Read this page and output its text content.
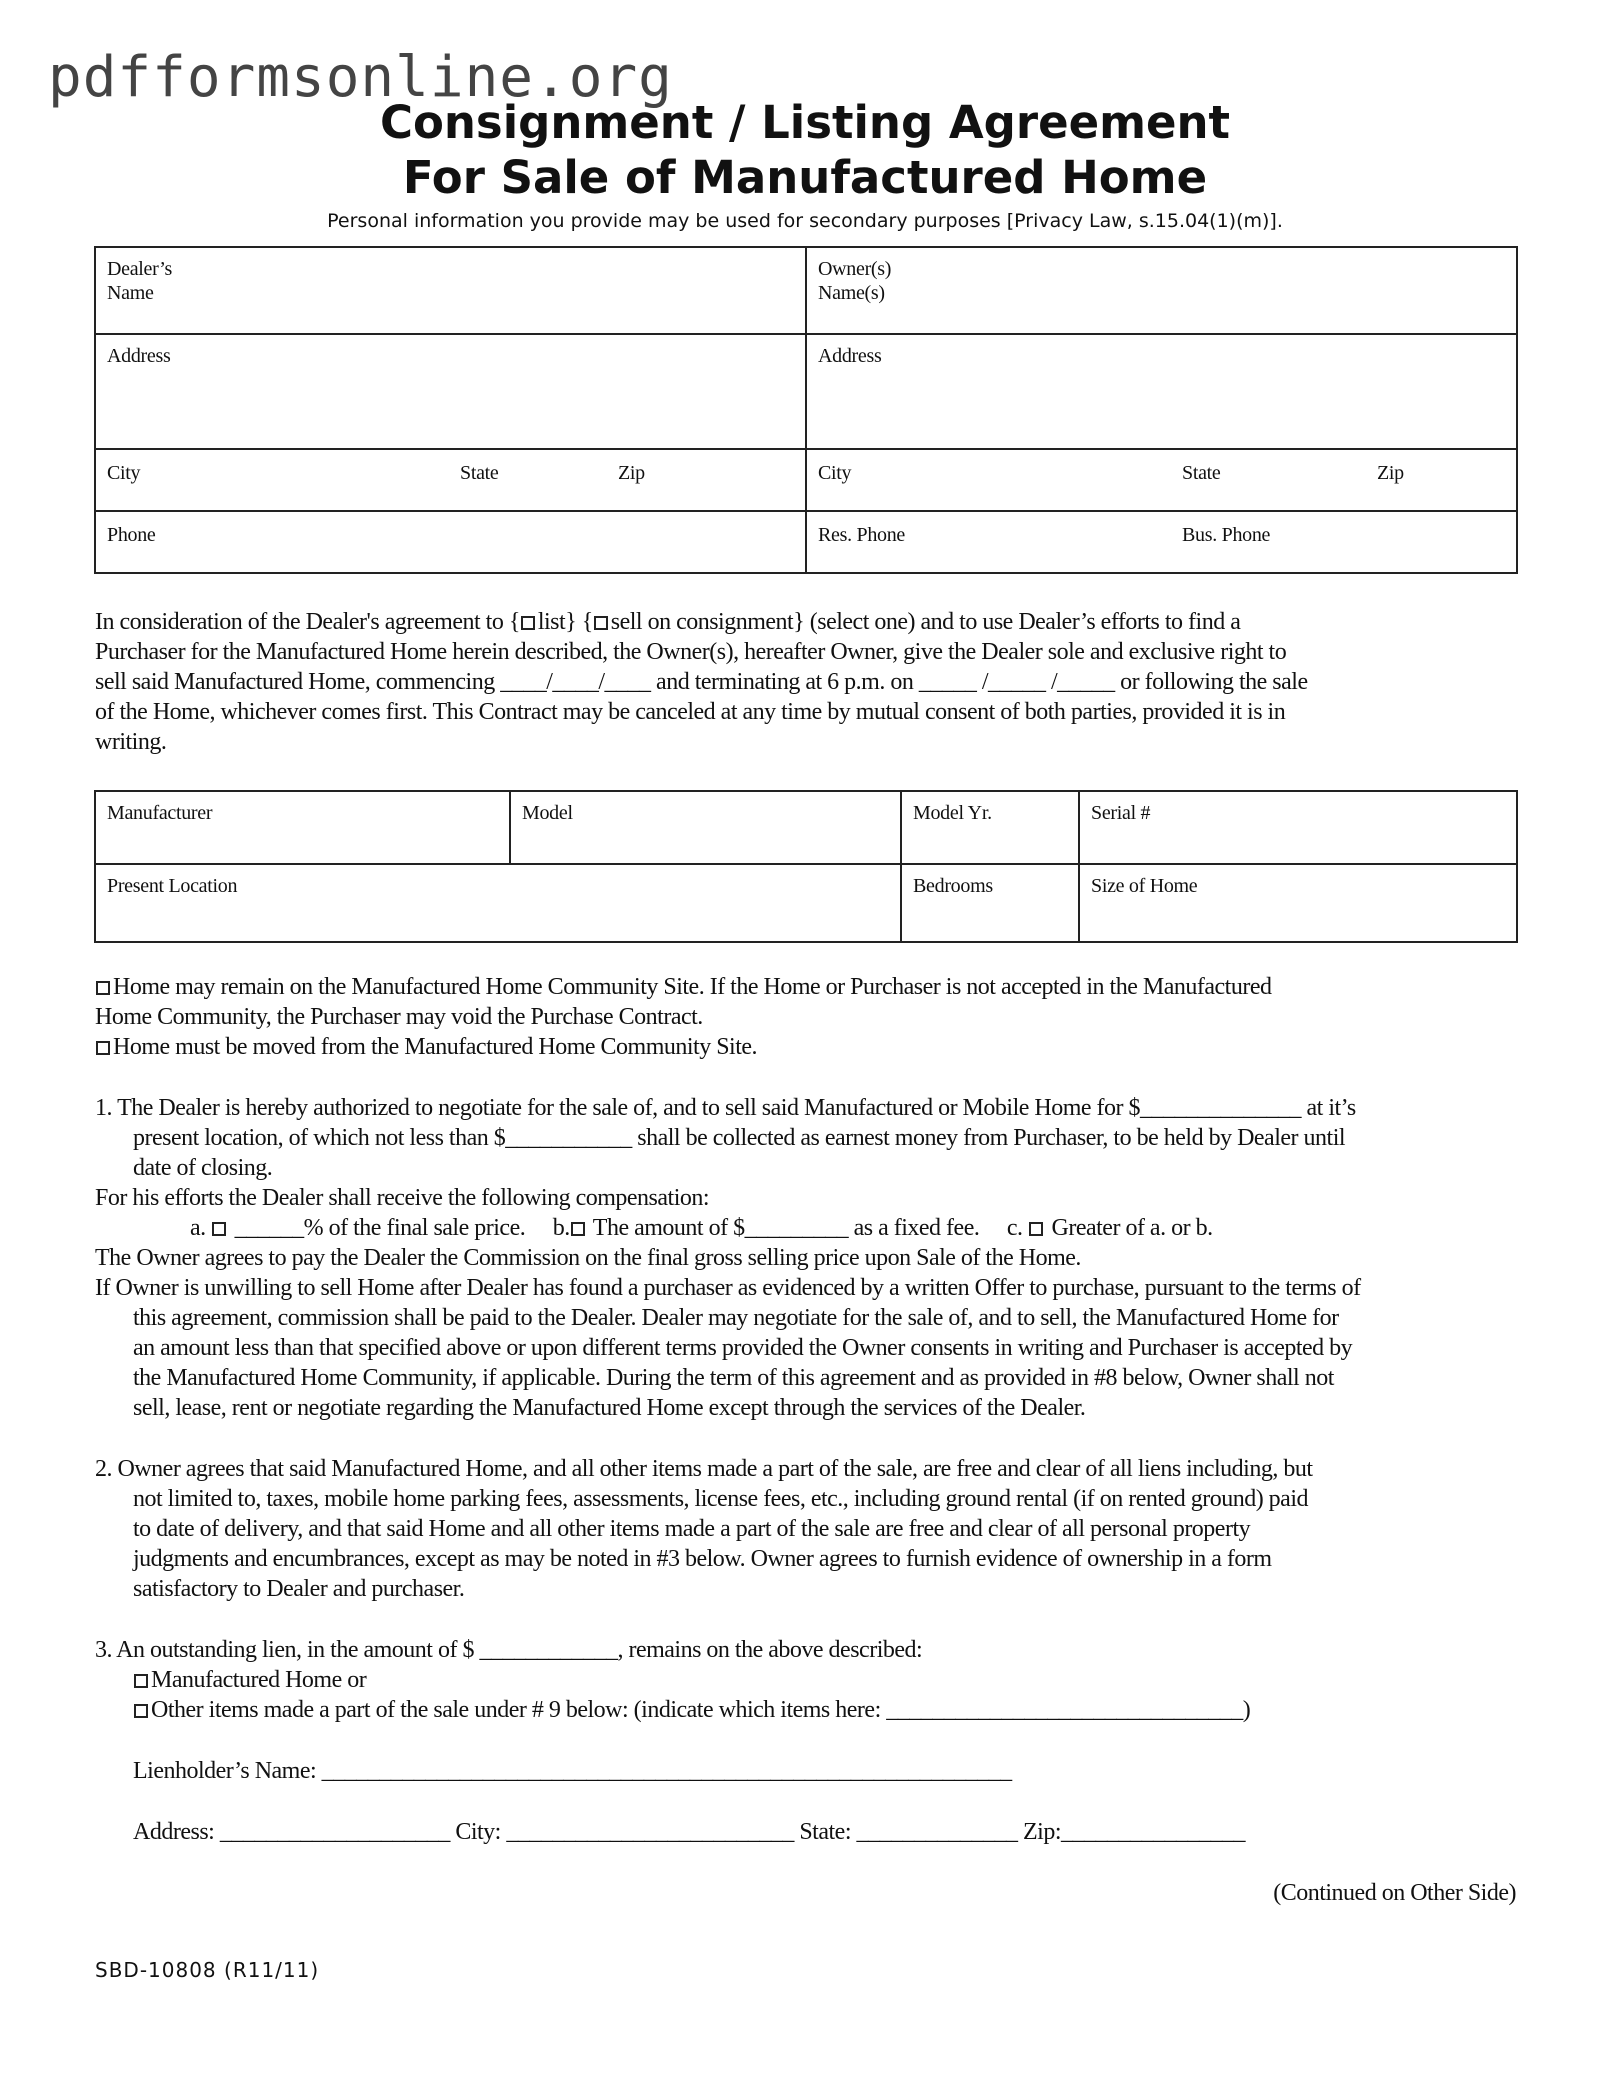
pdfformsonline.org

Consignment / Listing Agreement
For Sale of Manufactured Home
Personal information you provide may be used for secondary purposes [Privacy Law, s.15.04(1)(m)].
Dealer’s
Name	Owner(s)
Name(s)

Address	Address

City State Zip	City State Zip

Phone	Res. Phone Bus. Phone
In consideration of the Dealer's agreement to { list} { sell on consignment} (select one) and to use Dealer’s efforts to find a
Purchaser for the Manufactured Home herein described, the Owner(s), hereafter Owner, give the Dealer sole and exclusive right to
sell said Manufactured Home, commencing ____/____/____ and terminating at 6 p.m. on _____ /_____ /_____ or following the sale
of the Home, whichever comes first. This Contract may be canceled at any time by mutual consent of both parties, provided it is in
writing.
Manufacturer	Model	Model Yr.	Serial #

Present Location		Bedrooms	Size of Home
Home may remain on the Manufactured Home Community Site. If the Home or Purchaser is not accepted in the Manufactured
Home Community, the Purchaser may void the Purchase Contract.
Home must be moved from the Manufactured Home Community Site.
1. The Dealer is hereby authorized to negotiate for the sale of, and to sell said Manufactured or Mobile Home for $______________ at it’s
present location, of which not less than $___________ shall be collected as earnest money from Purchaser, to be held by Dealer until
date of closing.
For his efforts the Dealer shall receive the following compensation:
a. ______% of the final sale price. b. The amount of $_________ as a fixed fee. c. Greater of a. or b.
The Owner agrees to pay the Dealer the Commission on the final gross selling price upon Sale of the Home.
If Owner is unwilling to sell Home after Dealer has found a purchaser as evidenced by a written Offer to purchase, pursuant to the terms of
this agreement, commission shall be paid to the Dealer. Dealer may negotiate for the sale of, and to sell, the Manufactured Home for
an amount less than that specified above or upon different terms provided the Owner consents in writing and Purchaser is accepted by
the Manufactured Home Community, if applicable. During the term of this agreement and as provided in #8 below, Owner shall not
sell, lease, rent or negotiate regarding the Manufactured Home except through the services of the Dealer.
2. Owner agrees that said Manufactured Home, and all other items made a part of the sale, are free and clear of all liens including, but
not limited to, taxes, mobile home parking fees, assessments, license fees, etc., including ground rental (if on rented ground) paid
to date of delivery, and that said Home and all other items made a part of the sale are free and clear of all personal property
judgments and encumbrances, except as may be noted in #3 below. Owner agrees to furnish evidence of ownership in a form
satisfactory to Dealer and purchaser.
3. An outstanding lien, in the amount of $ ____________, remains on the above described:
Manufactured Home or
Other items made a part of the sale under # 9 below: (indicate which items here: _______________________________)
Lienholder’s Name: ____________________________________________________________
Address: ____________________ City: _________________________ State: ______________ Zip:________________
(Continued on Other Side)
SBD-10808 (R11/11)
